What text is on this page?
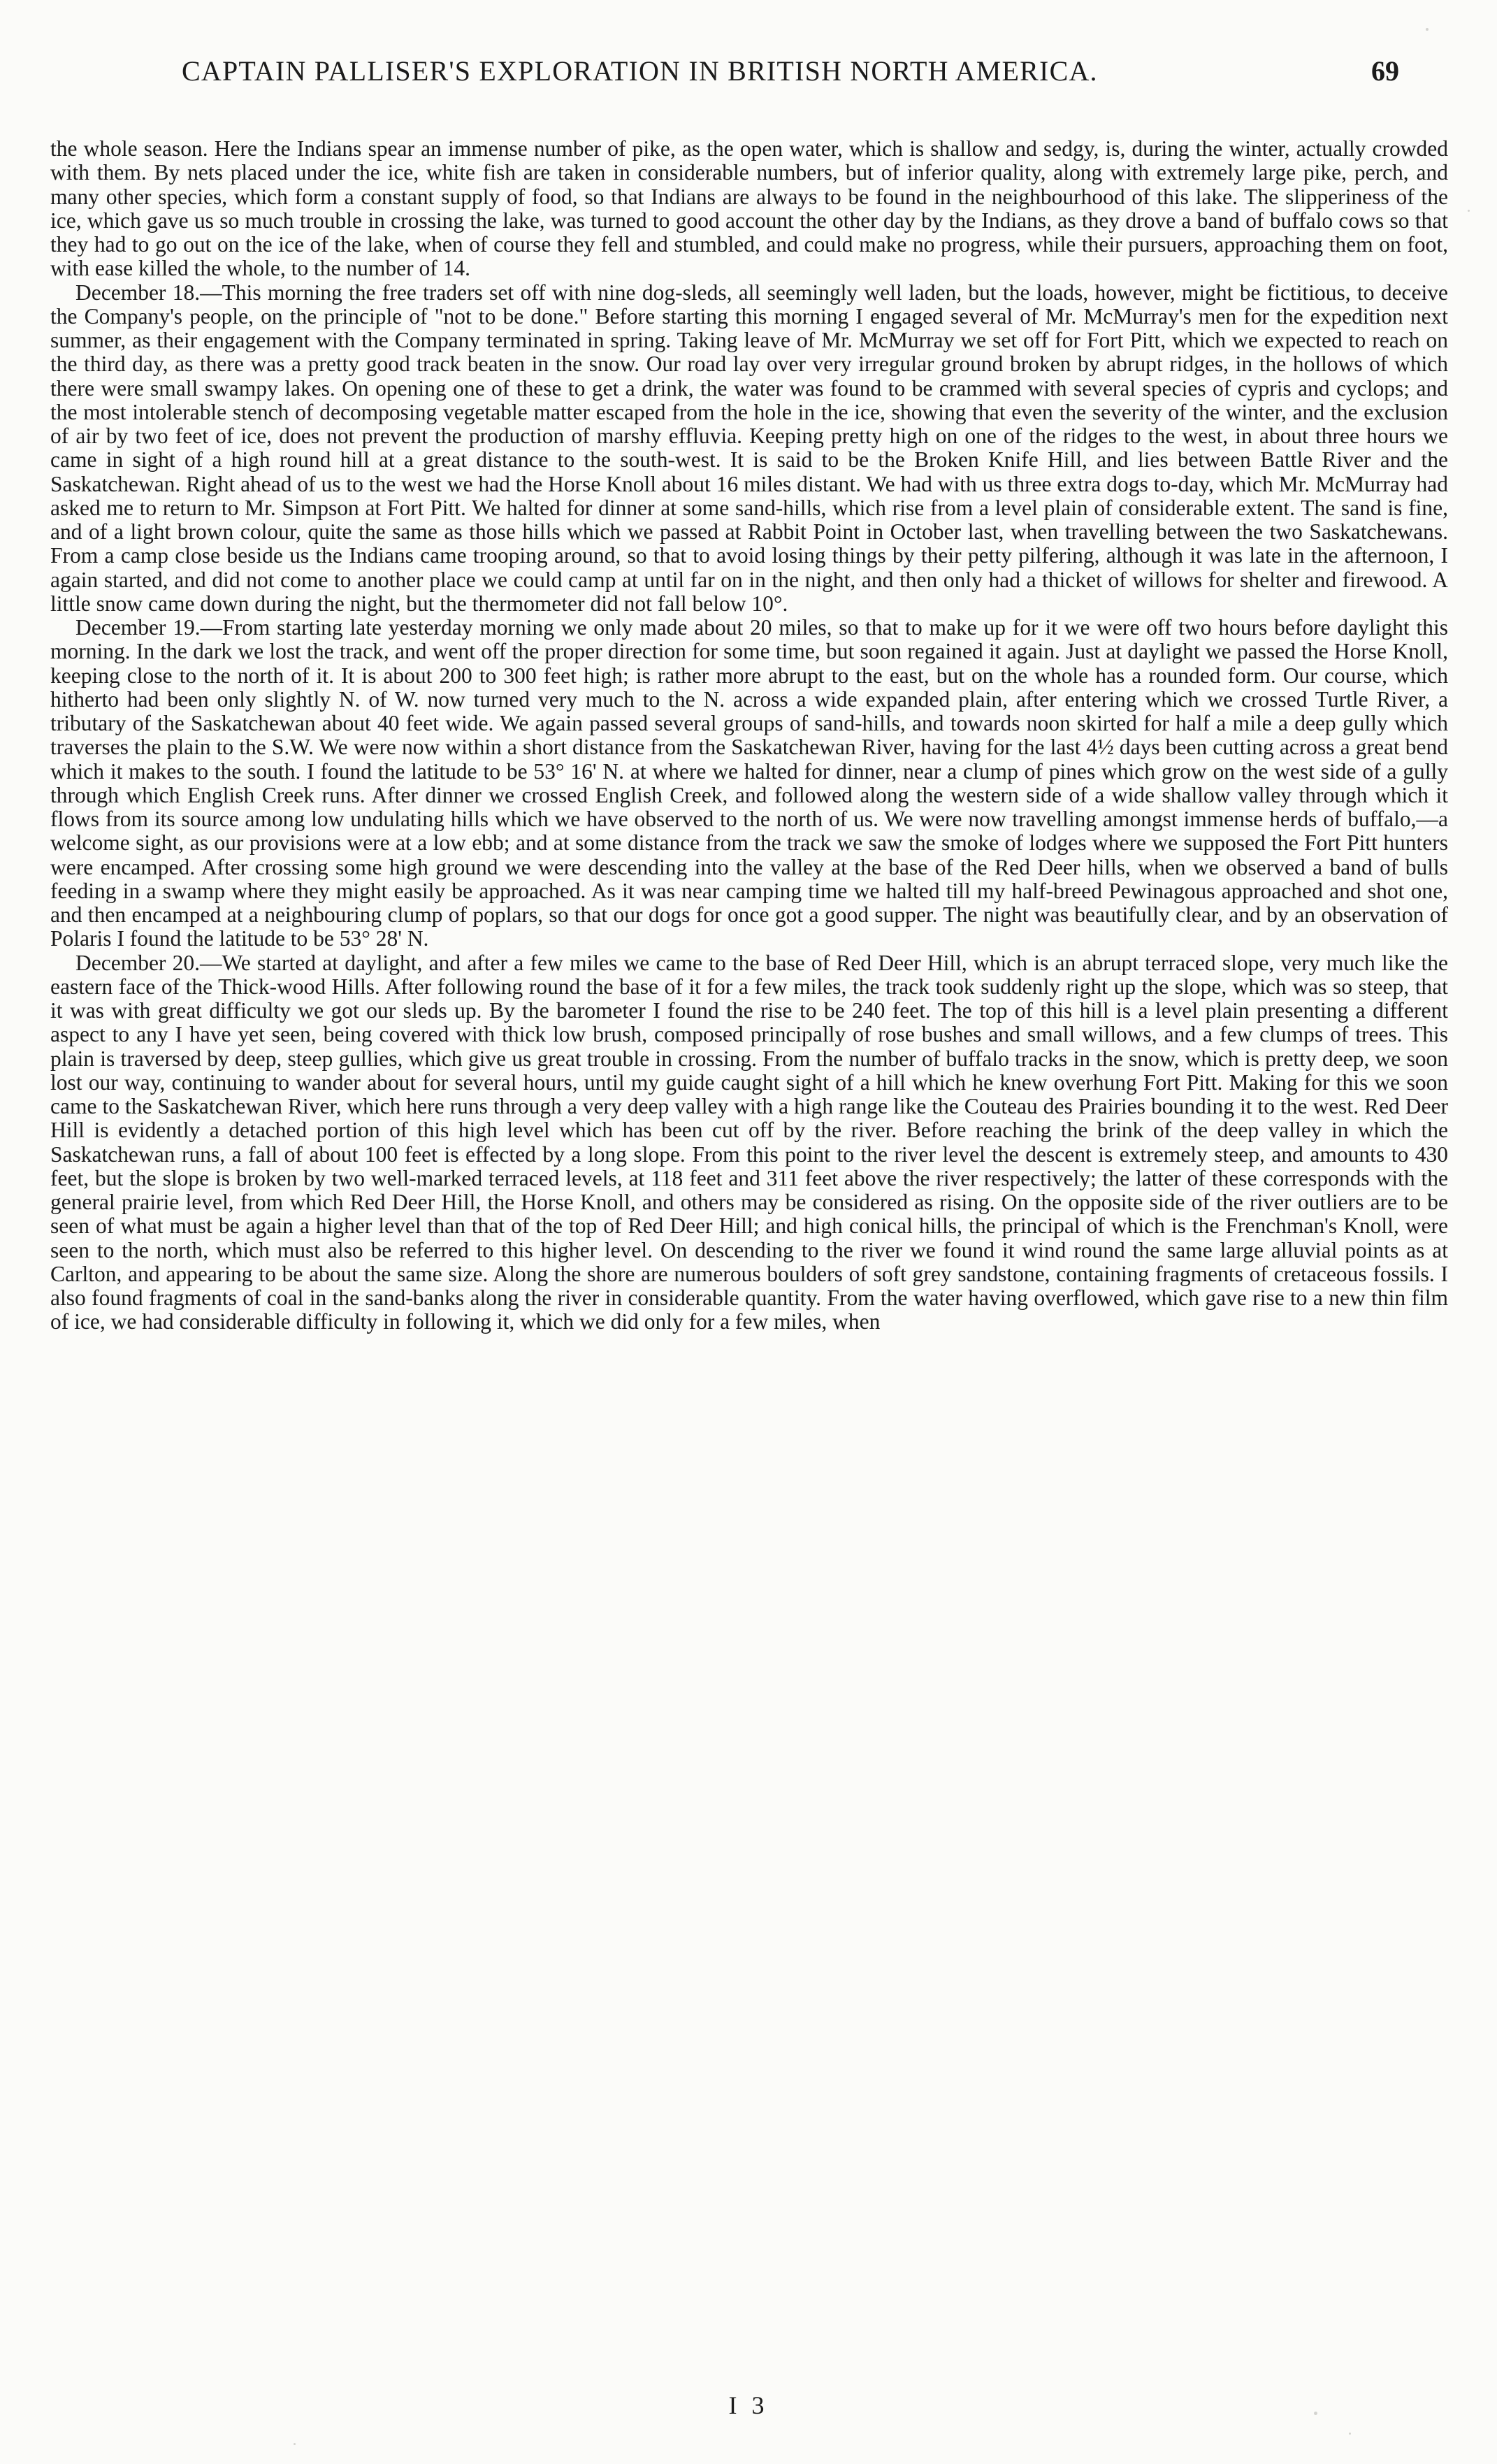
CAPTAIN PALLISER'S EXPLORATION IN BRITISH NORTH AMERICA.	69

the whole season. Here the Indians spear an immense number of pike, as the open water, which is shallow and sedgy, is, during the winter, actually crowded with them. By nets placed under the ice, white fish are taken in considerable numbers, but of inferior quality, along with extremely large pike, perch, and many other species, which form a constant supply of food, so that Indians are always to be found in the neighbourhood of this lake. The slipperiness of the ice, which gave us so much trouble in crossing the lake, was turned to good account the other day by the Indians, as they drove a band of buffalo cows so that they had to go out on the ice of the lake, when of course they fell and stumbled, and could make no progress, while their pursuers, approaching them on foot, with ease killed the whole, to the number of 14.

December 18.—This morning the free traders set off with nine dog-sleds, all seemingly well laden, but the loads, however, might be fictitious, to deceive the Company's people, on the principle of "not to be done." Before starting this morning I engaged several of Mr. McMurray's men for the expedition next summer, as their engagement with the Company terminated in spring. Taking leave of Mr. McMurray we set off for Fort Pitt, which we expected to reach on the third day, as there was a pretty good track beaten in the snow. Our road lay over very irregular ground broken by abrupt ridges, in the hollows of which there were small swampy lakes. On opening one of these to get a drink, the water was found to be crammed with several species of cypris and cyclops; and the most intolerable stench of decomposing vegetable matter escaped from the hole in the ice, showing that even the severity of the winter, and the exclusion of air by two feet of ice, does not prevent the production of marshy effluvia. Keeping pretty high on one of the ridges to the west, in about three hours we came in sight of a high round hill at a great distance to the south-west. It is said to be the Broken Knife Hill, and lies between Battle River and the Saskatchewan. Right ahead of us to the west we had the Horse Knoll about 16 miles distant. We had with us three extra dogs to-day, which Mr. McMurray had asked me to return to Mr. Simpson at Fort Pitt. We halted for dinner at some sand-hills, which rise from a level plain of considerable extent. The sand is fine, and of a light brown colour, quite the same as those hills which we passed at Rabbit Point in October last, when travelling between the two Saskatchewans. From a camp close beside us the Indians came trooping around, so that to avoid losing things by their petty pilfering, although it was late in the afternoon, I again started, and did not come to another place we could camp at until far on in the night, and then only had a thicket of willows for shelter and firewood. A little snow came down during the night, but the thermometer did not fall below 10°.

December 19.—From starting late yesterday morning we only made about 20 miles, so that to make up for it we were off two hours before daylight this morning. In the dark we lost the track, and went off the proper direction for some time, but soon regained it again. Just at daylight we passed the Horse Knoll, keeping close to the north of it. It is about 200 to 300 feet high; is rather more abrupt to the east, but on the whole has a rounded form. Our course, which hitherto had been only slightly N. of W. now turned very much to the N. across a wide expanded plain, after entering which we crossed Turtle River, a tributary of the Saskatchewan about 40 feet wide. We again passed several groups of sand-hills, and towards noon skirted for half a mile a deep gully which traverses the plain to the S.W. We were now within a short distance from the Saskatchewan River, having for the last 4½ days been cutting across a great bend which it makes to the south. I found the latitude to be 53° 16' N. at where we halted for dinner, near a clump of pines which grow on the west side of a gully through which English Creek runs. After dinner we crossed English Creek, and followed along the western side of a wide shallow valley through which it flows from its source among low undulating hills which we have observed to the north of us. We were now travelling amongst immense herds of buffalo,—a welcome sight, as our provisions were at a low ebb; and at some distance from the track we saw the smoke of lodges where we supposed the Fort Pitt hunters were encamped. After crossing some high ground we were descending into the valley at the base of the Red Deer hills, when we observed a band of bulls feeding in a swamp where they might easily be approached. As it was near camping time we halted till my half-breed Pewinagous approached and shot one, and then encamped at a neighbouring clump of poplars, so that our dogs for once got a good supper. The night was beautifully clear, and by an observation of Polaris I found the latitude to be 53° 28' N.

December 20.—We started at daylight, and after a few miles we came to the base of Red Deer Hill, which is an abrupt terraced slope, very much like the eastern face of the Thick-wood Hills. After following round the base of it for a few miles, the track took suddenly right up the slope, which was so steep, that it was with great difficulty we got our sleds up. By the barometer I found the rise to be 240 feet. The top of this hill is a level plain presenting a different aspect to any I have yet seen, being covered with thick low brush, composed principally of rose bushes and small willows, and a few clumps of trees. This plain is traversed by deep, steep gullies, which give us great trouble in crossing. From the number of buffalo tracks in the snow, which is pretty deep, we soon lost our way, continuing to wander about for several hours, until my guide caught sight of a hill which he knew overhung Fort Pitt. Making for this we soon came to the Saskatchewan River, which here runs through a very deep valley with a high range like the Couteau des Prairies bounding it to the west. Red Deer Hill is evidently a detached portion of this high level which has been cut off by the river. Before reaching the brink of the deep valley in which the Saskatchewan runs, a fall of about 100 feet is effected by a long slope. From this point to the river level the descent is extremely steep, and amounts to 430 feet, but the slope is broken by two well-marked terraced levels, at 118 feet and 311 feet above the river respectively; the latter of these corresponds with the general prairie level, from which Red Deer Hill, the Horse Knoll, and others may be considered as rising. On the opposite side of the river outliers are to be seen of what must be again a higher level than that of the top of Red Deer Hill; and high conical hills, the principal of which is the Frenchman's Knoll, were seen to the north, which must also be referred to this higher level. On descending to the river we found it wind round the same large alluvial points as at Carlton, and appearing to be about the same size. Along the shore are numerous boulders of soft grey sandstone, containing fragments of cretaceous fossils. I also found fragments of coal in the sand-banks along the river in considerable quantity. From the water having overflowed, which gave rise to a new thin film of ice, we had considerable difficulty in following it, which we did only for a few miles, when

I 3
